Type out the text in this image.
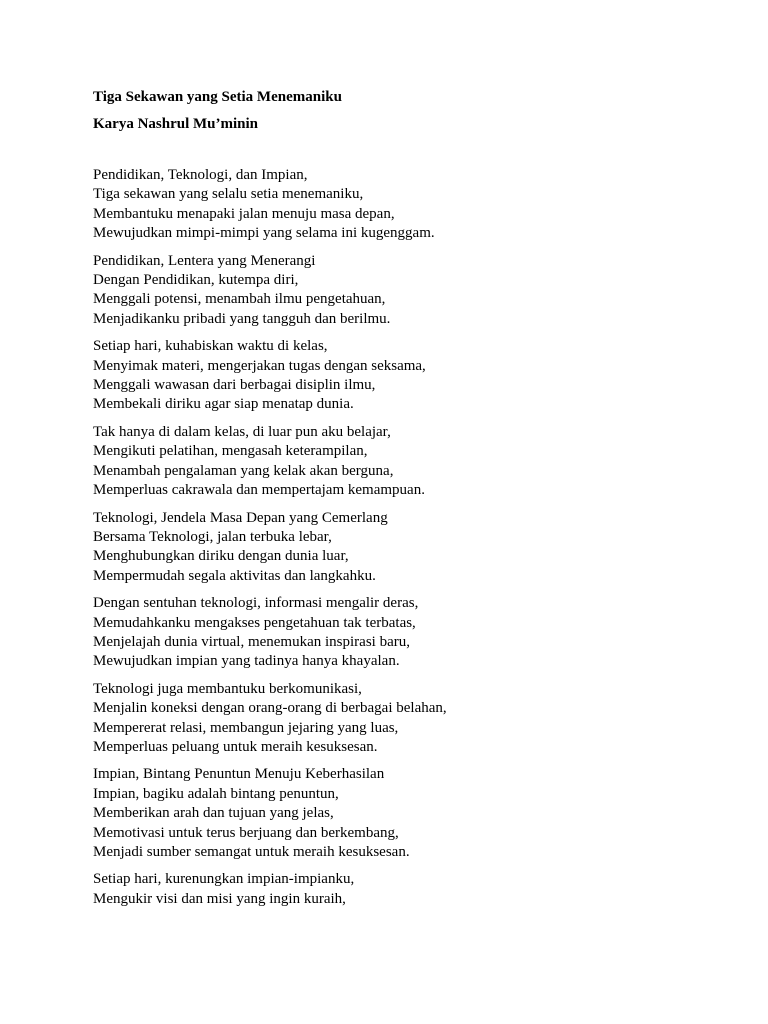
Tiga Sekawan yang Setia Menemaniku

Karya Nashrul Mu’minin

Pendidikan, Teknologi, dan Impian,
Tiga sekawan yang selalu setia menemaniku,
Membantuku menapaki jalan menuju masa depan,
Mewujudkan mimpi-mimpi yang selama ini kugenggam.
Pendidikan, Lentera yang Menerangi
Dengan Pendidikan, kutempa diri,
Menggali potensi, menambah ilmu pengetahuan,
Menjadikanku pribadi yang tangguh dan berilmu.
Setiap hari, kuhabiskan waktu di kelas,
Menyimak materi, mengerjakan tugas dengan seksama,
Menggali wawasan dari berbagai disiplin ilmu,
Membekali diriku agar siap menatap dunia.
Tak hanya di dalam kelas, di luar pun aku belajar,
Mengikuti pelatihan, mengasah keterampilan,
Menambah pengalaman yang kelak akan berguna,
Memperluas cakrawala dan mempertajam kemampuan.
Teknologi, Jendela Masa Depan yang Cemerlang
Bersama Teknologi, jalan terbuka lebar,
Menghubungkan diriku dengan dunia luar,
Mempermudah segala aktivitas dan langkahku.
Dengan sentuhan teknologi, informasi mengalir deras,
Memudahkanku mengakses pengetahuan tak terbatas,
Menjelajah dunia virtual, menemukan inspirasi baru,
Mewujudkan impian yang tadinya hanya khayalan.
Teknologi juga membantuku berkomunikasi,
Menjalin koneksi dengan orang-orang di berbagai belahan,
Mempererat relasi, membangun jejaring yang luas,
Memperluas peluang untuk meraih kesuksesan.
Impian, Bintang Penuntun Menuju Keberhasilan
Impian, bagiku adalah bintang penuntun,
Memberikan arah dan tujuan yang jelas,
Memotivasi untuk terus berjuang dan berkembang,
Menjadi sumber semangat untuk meraih kesuksesan.
Setiap hari, kurenungkan impian-impianku,
Mengukir visi dan misi yang ingin kuraih,
